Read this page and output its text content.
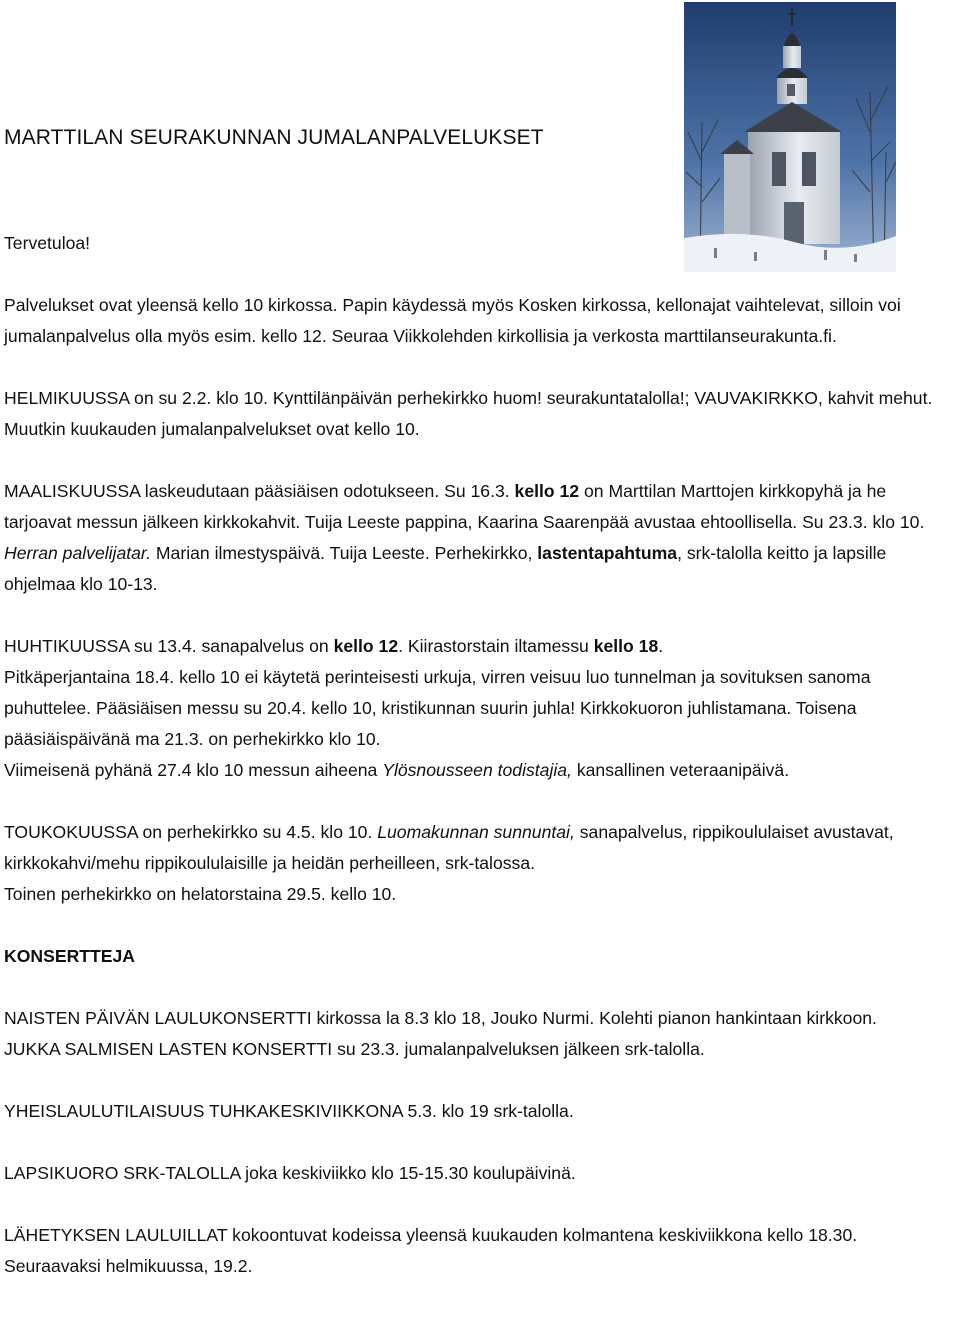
MARTTILAN SEURAKUNNAN JUMALANPALVELUKSET

Tervetuloa!

Palvelukset ovat yleensä kello 10 kirkossa. Papin käydessä myös Kosken kirkossa, kellonajat vaihtelevat, silloin voi jumalanpalvelus olla myös esim. kello 12. Seuraa Viikkolehden kirkollisia ja verkosta marttilanseurakunta.fi.

HELMIKUUSSA on su 2.2. klo 10. Kynttilänpäivän perhekirkko huom! seurakuntatalolla!; VAUVAKIRKKO, kahvit mehut. Muutkin kuukauden jumalanpalvelukset ovat kello 10.

MAALISKUUSSA laskeudutaan pääsiäisen odotukseen. Su 16.3. kello 12 on Marttilan Marttojen kirkkopyhä ja he tarjoavat messun jälkeen kirkkokahvit. Tuija Leeste pappina, Kaarina Saarenpää avustaa ehtoollisella. Su 23.3. klo 10. Herran palvelijatar. Marian ilmestyspäivä. Tuija Leeste. Perhekirkko, lastentapahtuma, srk-talolla keitto ja lapsille ohjelmaa klo 10-13.

HUHTIKUUSSA su 13.4. sanapalvelus on kello 12. Kiirastorstain iltamessu kello 18.

Pitkäperjantaina 18.4. kello 10 ei käytetä perinteisesti urkuja, virren veisuu luo tunnelman ja sovituksen sanoma puhuttelee. Pääsiäisen messu su 20.4. kello 10, kristikunnan suurin juhla! Kirkkokuoron juhlistamana. Toisena pääsiäispäivänä ma 21.3. on perhekirkko klo 10.

Viimeisenä pyhänä 27.4 klo 10 messun aiheena Ylösnousseen todistajia, kansallinen veteraanipäivä.

TOUKOKUUSSA on perhekirkko su 4.5. klo 10. Luomakunnan sunnuntai, sanapalvelus, rippikoululaiset avustavat, kirkkokahvi/mehu rippikoululaisille ja heidän perheilleen, srk-talossa.

Toinen perhekirkko on helatorstaina 29.5. kello 10.

KONSERTTEJA

NAISTEN PÄIVÄN LAULUKONSERTTI kirkossa la 8.3 klo 18, Jouko Nurmi. Kolehti pianon hankintaan kirkkoon.

JUKKA SALMISEN LASTEN KONSERTTI su 23.3. jumalanpalveluksen jälkeen srk-talolla.

YHEISLAULUTILAISUUS TUHKAKESKIVIIKKONA 5.3. klo 19 srk-talolla.

LAPSIKUORO SRK-TALOLLA joka keskiviikko klo 15-15.30 koulupäivinä.

LÄHETYKSEN LAULUILLAT kokoontuvat kodeissa yleensä kuukauden kolmantena keskiviikkona kello 18.30.

Seuraavaksi helmikuussa, 19.2.
